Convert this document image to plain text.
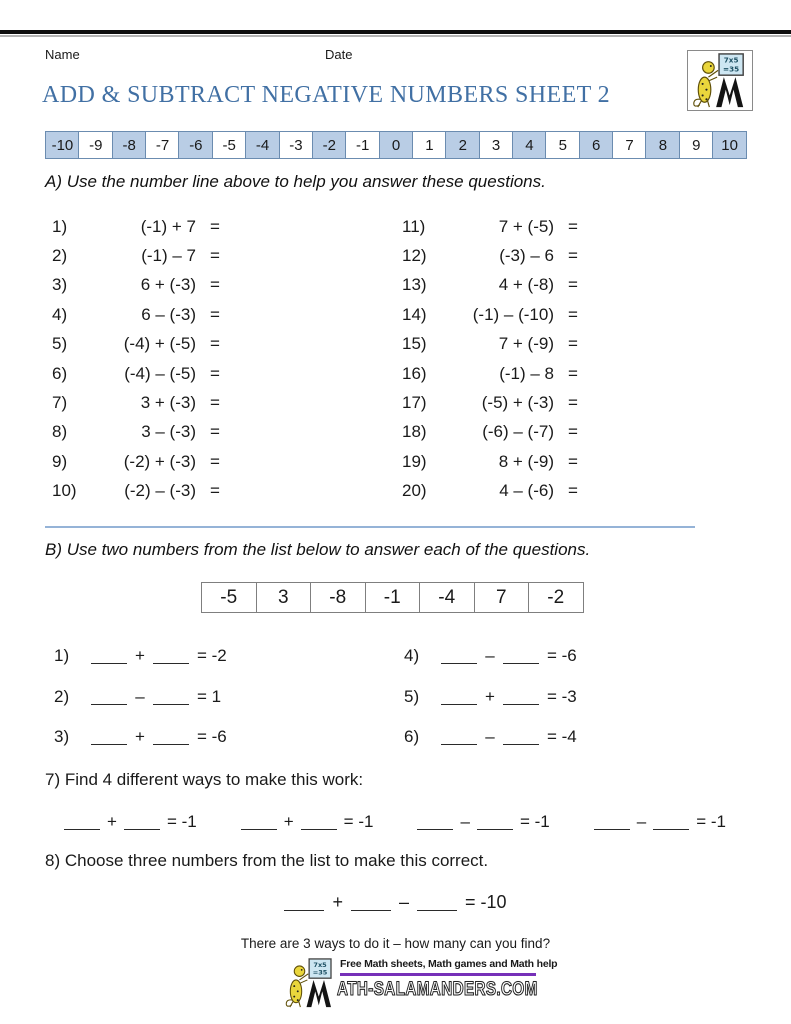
Name	Date	7x5
=35
ADD & SUBTRACT NEGATIVE NUMBERS SHEET 2
-10	-9	-8	-7	-6	-5	-4	-3	-2	-1	0	1	2	3	4	5	6	7	8	9	10
A) Use the number line above to help you answer these questions.
1)	(-1) + 7 =
2)	(-1) – 7 =
3)	6 + (-3) =
4)	6 – (-3) =
5)	(-4) + (-5) =
6)	(-4) – (-5) =
7)	3 + (-3) =
8)	3 – (-3) =
9)	(-2) + (-3) =
10)	(-2) – (-3) =
11)	7 + (-5) =
12)	(-3) – 6 =
13)	4 + (-8) =
14)	(-1) – (-10) =
15)	7 + (-9) =
16)	(-1) – 8 =
17)	(-5) + (-3) =
18)	(-6) – (-7) =
19)	8 + (-9) =
20)	4 – (-6) =
B) Use two numbers from the list below to answer each of the questions.
-5	3	-8	-1	-4	7	-2
1)	+	= -2
2)	–	= 1
3)	+	= -6
4)	–	= -6
5)	+	= -3
6)	–	= -4
7) Find 4 different ways to make this work:
+	= -1	+	= -1	–	= -1	–	= -1
8) Choose three numbers from the list to make this correct.
+	–	= -10
There are 3 ways to do it – how many can you find?
7x5
=35
Free Math sheets, Math games and Math help
ATH-SALAMANDERS.COM
